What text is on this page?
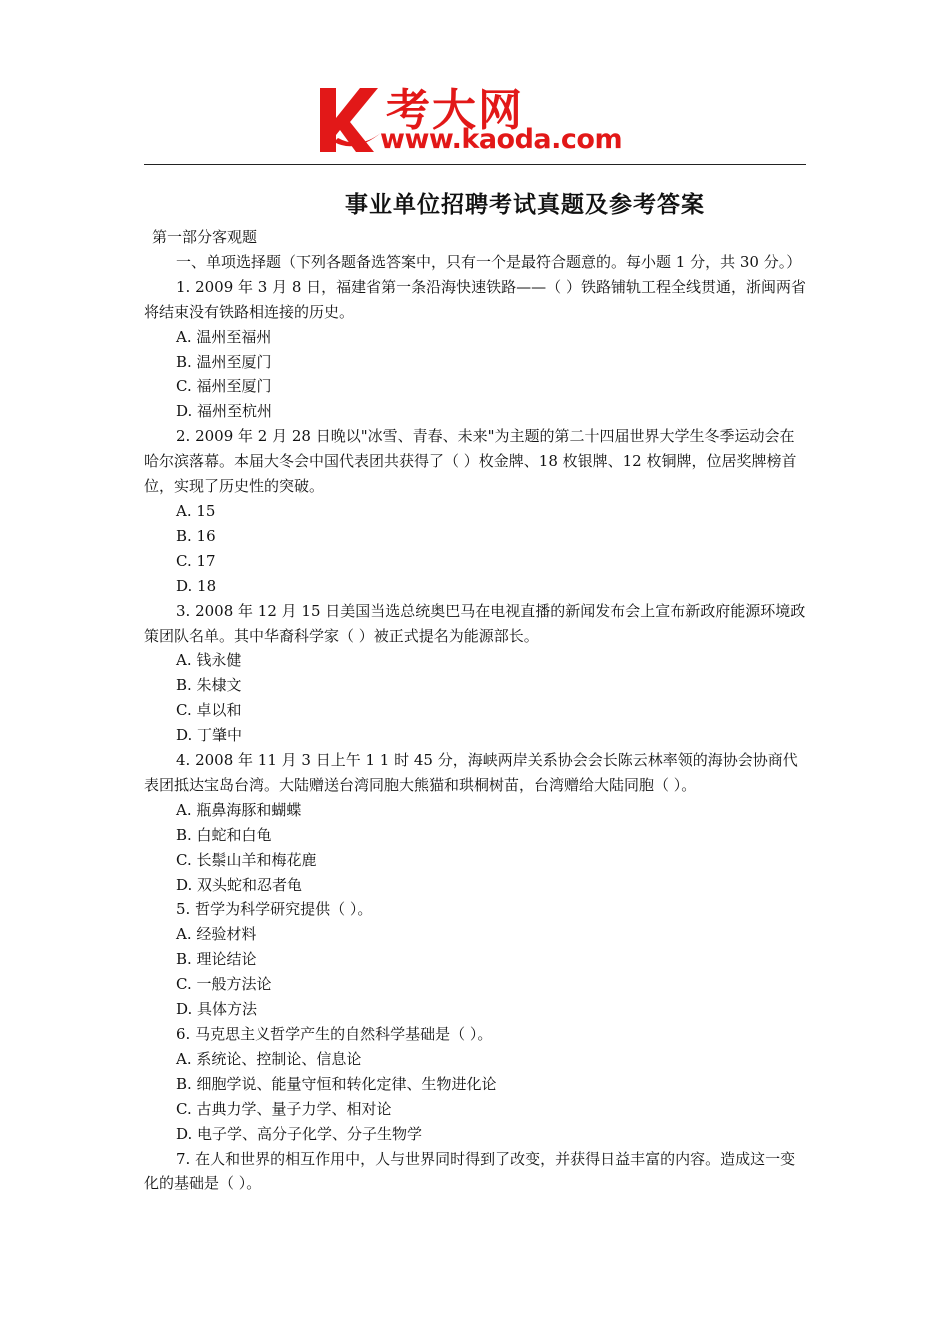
考大网
www.kaoda.com
事业单位招聘考试真题及参考答案

第一部分客观题

一、单项选择题（下列各题备选答案中，只有一个是最符合题意的。每小题 1 分，共 30 分。）

1. 2009 年 3 月 8 日，福建省第一条沿海快速铁路——（ ）铁路铺轨工程全线贯通，浙闽两省将结束没有铁路相连接的历史。

A. 温州至福州

B. 温州至厦门

C. 福州至厦门

D. 福州至杭州

2. 2009 年 2 月 28 日晚以"冰雪、青春、未来"为主题的第二十四届世界大学生冬季运动会在哈尔滨落幕。本届大冬会中国代表团共获得了（ ）枚金牌、18 枚银牌、12 枚铜牌，位居奖牌榜首位，实现了历史性的突破。

A. 15

B. 16

C. 17

D. 18

3. 2008 年 12 月 15 日美国当选总统奥巴马在电视直播的新闻发布会上宣布新政府能源环境政策团队名单。其中华裔科学家（ ）被正式提名为能源部长。

A. 钱永健

B. 朱棣文

C. 卓以和

D. 丁肇中

4. 2008 年 11 月 3 日上午 1 1 时 45 分，海峡两岸关系协会会长陈云林率领的海协会协商代表团抵达宝岛台湾。大陆赠送台湾同胞大熊猫和珙桐树苗，台湾赠给大陆同胞（ ）。

A. 瓶鼻海豚和蝴蝶

B. 白蛇和白龟

C. 长鬃山羊和梅花鹿

D. 双头蛇和忍者龟

5. 哲学为科学研究提供（ ）。

A. 经验材料

B. 理论结论

C. 一般方法论

D. 具体方法

6. 马克思主义哲学产生的自然科学基础是（ ）。

A. 系统论、控制论、信息论

B. 细胞学说、能量守恒和转化定律、生物进化论

C. 古典力学、量子力学、相对论

D. 电子学、高分子化学、分子生物学

7. 在人和世界的相互作用中，人与世界同时得到了改变，并获得日益丰富的内容。造成这一变化的基础是（ ）。
